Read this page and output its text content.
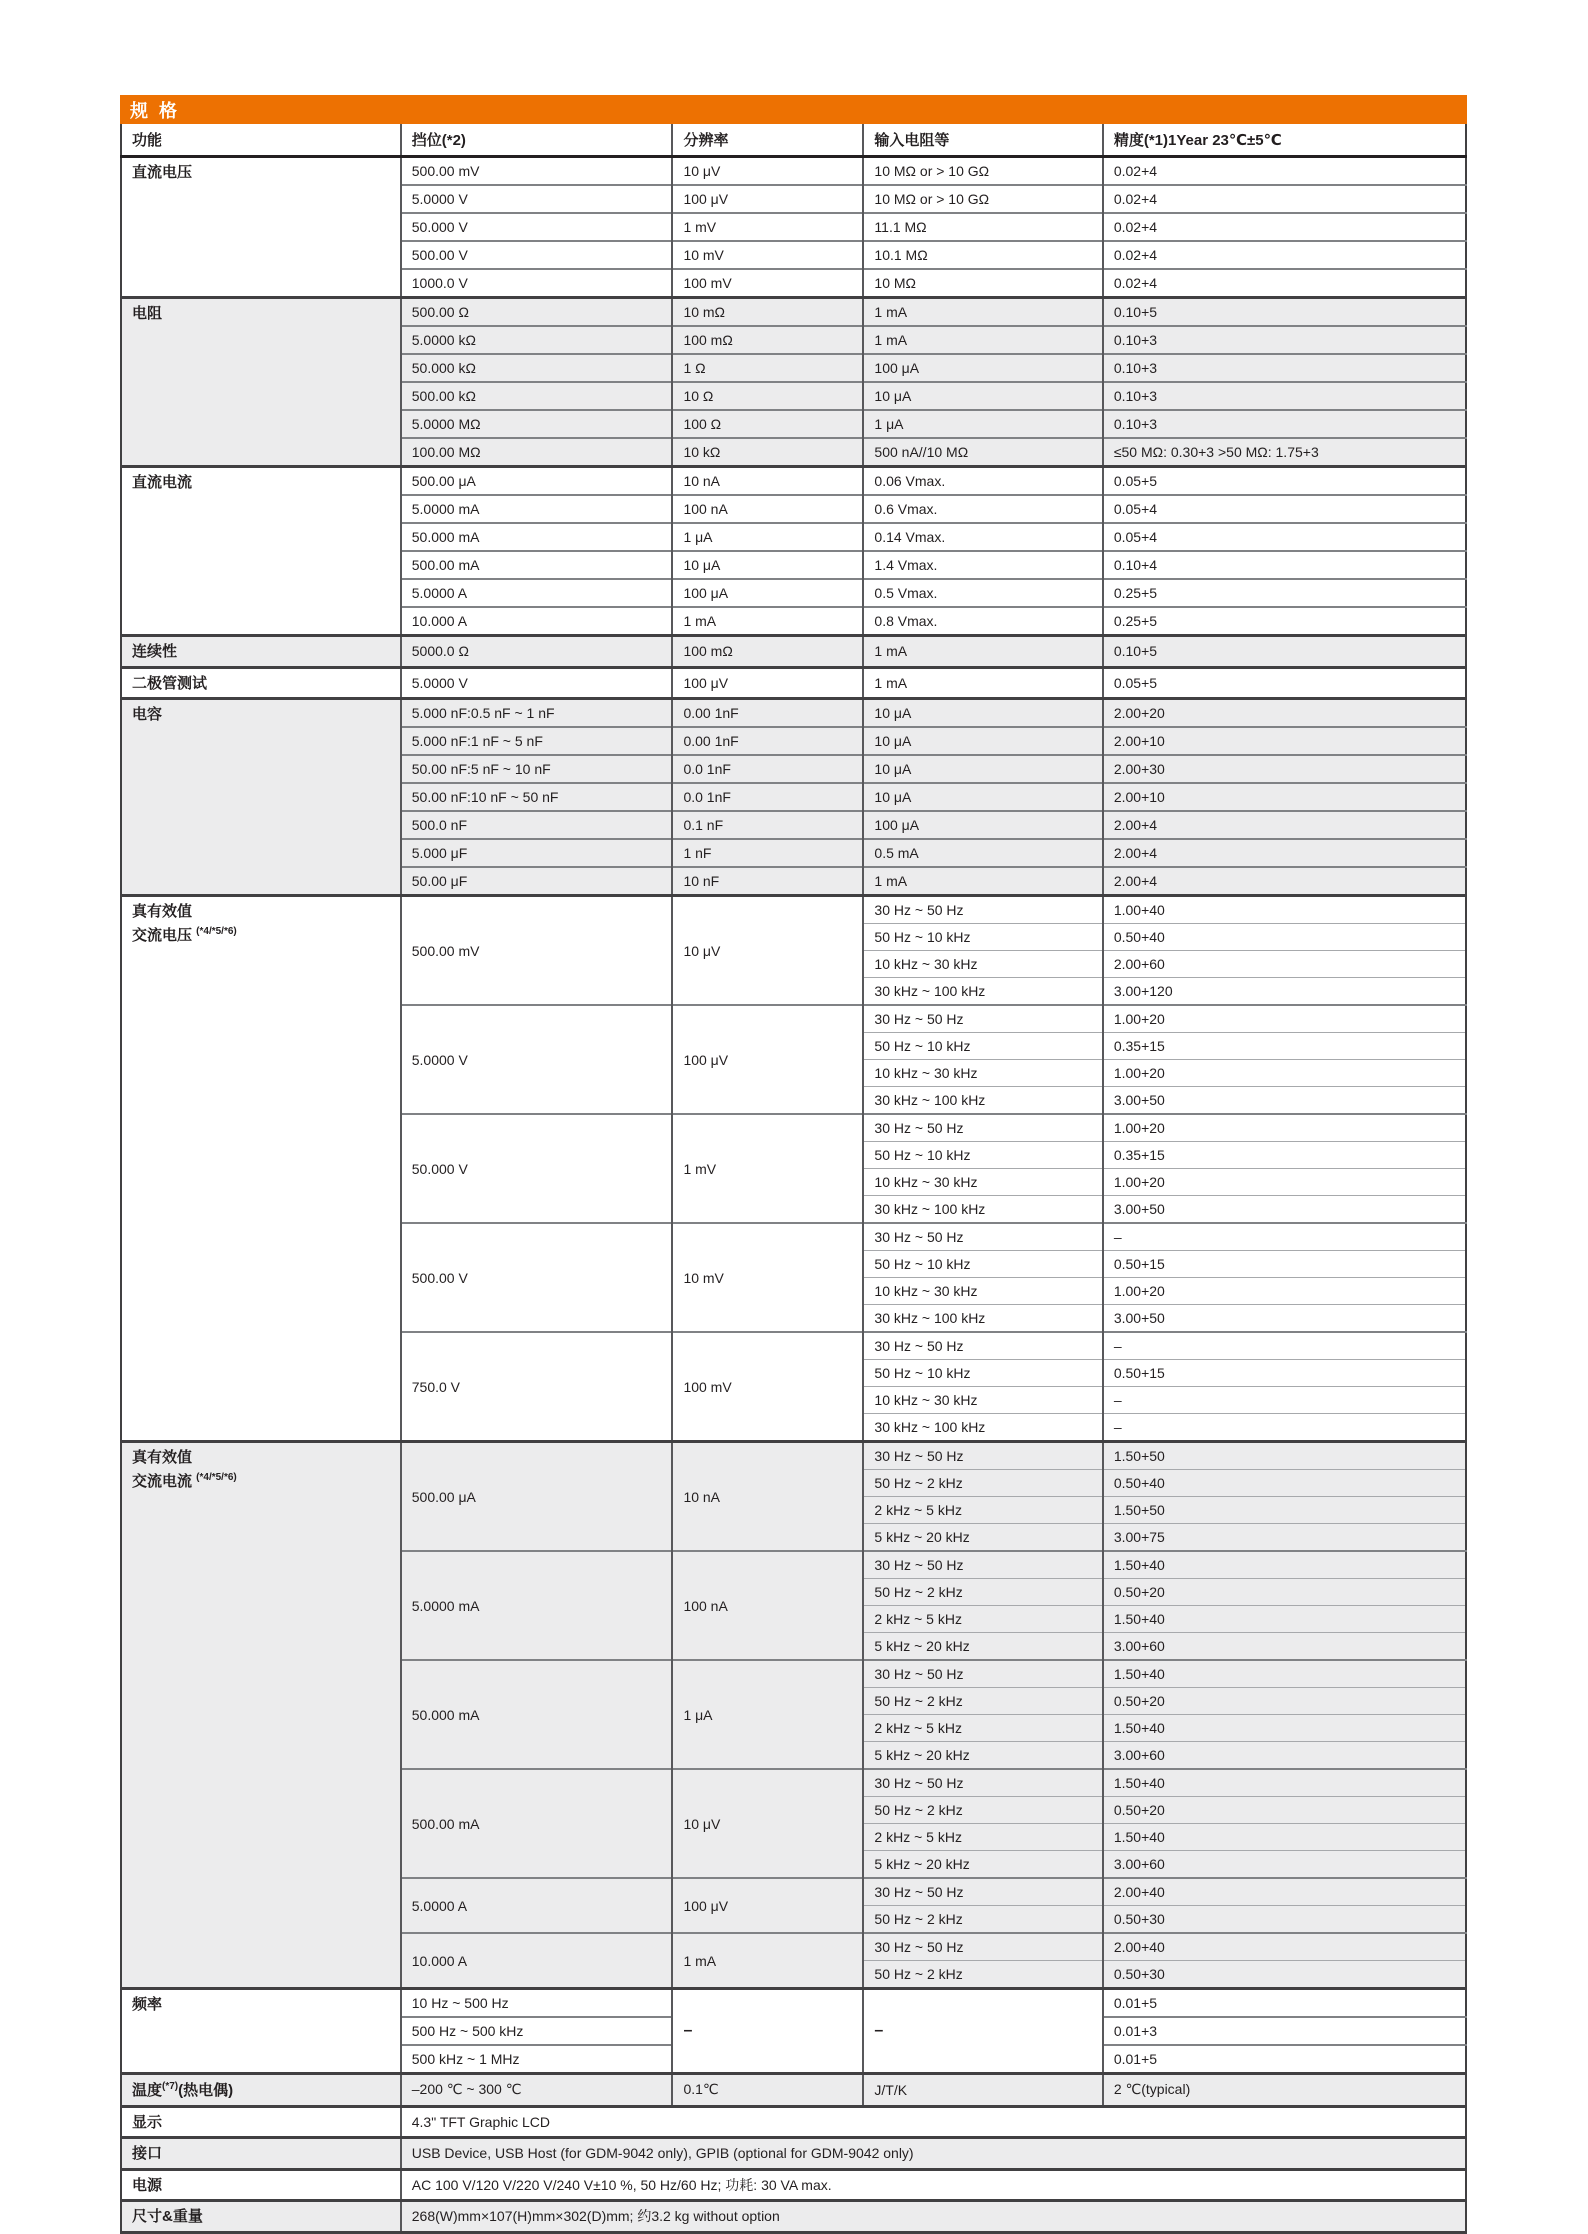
规 格
功能	挡位(*2)	分辨率	输入电阻等	精度(*1)1Year 23℃±5℃
直流电压	500.00 mV	10 μV	10 MΩ or > 10 GΩ	0.02+4
	5.0000 V	100 μV	10 MΩ or > 10 GΩ	0.02+4
	50.000 V	1 mV	11.1 MΩ	0.02+4
	500.00 V	10 mV	10.1 MΩ	0.02+4
	1000.0 V	100 mV	10 MΩ	0.02+4
电阻	500.00 Ω	10 mΩ	1 mA	0.10+5
	5.0000 kΩ	100 mΩ	1 mA	0.10+3
	50.000 kΩ	1 Ω	100 μA	0.10+3
	500.00 kΩ	10 Ω	10 μA	0.10+3
	5.0000 MΩ	100 Ω	1 μA	0.10+3
	100.00 MΩ	10 kΩ	500 nA//10 MΩ	≤50 MΩ: 0.30+3 >50 MΩ: 1.75+3
直流电流	500.00 μA	10 nA	0.06 Vmax.	0.05+5
	5.0000 mA	100 nA	0.6 Vmax.	0.05+4
	50.000 mA	1 μA	0.14 Vmax.	0.05+4
	500.00 mA	10 μA	1.4 Vmax.	0.10+4
	5.0000 A	100 μA	0.5 Vmax.	0.25+5
	10.000 A	1 mA	0.8 Vmax.	0.25+5
连续性	5000.0 Ω	100 mΩ	1 mA	0.10+5
二极管测试	5.0000 V	100 μV	1 mA	0.05+5
电容	5.000 nF:0.5 nF ~ 1 nF	0.00 1nF	10 μA	2.00+20
	5.000 nF:1 nF ~ 5 nF	0.00 1nF	10 μA	2.00+10
	50.00 nF:5 nF ~ 10 nF	0.0 1nF	10 μA	2.00+30
	50.00 nF:10 nF ~ 50 nF	0.0 1nF	10 μA	2.00+10
	500.0 nF	0.1 nF	100 μA	2.00+4
	5.000 μF	1 nF	0.5 mA	2.00+4
	50.00 μF	10 nF	1 mA	2.00+4
真有效值
交流电压 $^{(*4/*5/*6)}$	500.00 mV	10 μV	30 Hz ~ 50 Hz	1.00+40
			50 Hz ~ 10 kHz	0.50+40
			10 kHz ~ 30 kHz	2.00+60
			30 kHz ~ 100 kHz	3.00+120
	5.0000 V	100 μV	30 Hz ~ 50 Hz	1.00+20
			50 Hz ~ 10 kHz	0.35+15
			10 kHz ~ 30 kHz	1.00+20
			30 kHz ~ 100 kHz	3.00+50
	50.000 V	1 mV	30 Hz ~ 50 Hz	1.00+20
			50 Hz ~ 10 kHz	0.35+15
			10 kHz ~ 30 kHz	1.00+20
			30 kHz ~ 100 kHz	3.00+50
	500.00 V	10 mV	30 Hz ~ 50 Hz	–
			50 Hz ~ 10 kHz	0.50+15
			10 kHz ~ 30 kHz	1.00+20
			30 kHz ~ 100 kHz	3.00+50
	750.0 V	100 mV	30 Hz ~ 50 Hz	–
			50 Hz ~ 10 kHz	0.50+15
			10 kHz ~ 30 kHz	–
			30 kHz ~ 100 kHz	–
真有效值
交流电流 $^{(*4/*5/*6)}$	500.00 μA	10 nA	30 Hz ~ 50 Hz	1.50+50
			50 Hz ~ 2 kHz	0.50+40
			2 kHz ~ 5 kHz	1.50+50
			5 kHz ~ 20 kHz	3.00+75
	5.0000 mA	100 nA	30 Hz ~ 50 Hz	1.50+40
			50 Hz ~ 2 kHz	0.50+20
			2 kHz ~ 5 kHz	1.50+40
			5 kHz ~ 20 kHz	3.00+60
	50.000 mA	1 μA	30 Hz ~ 50 Hz	1.50+40
			50 Hz ~ 2 kHz	0.50+20
			2 kHz ~ 5 kHz	1.50+40
			5 kHz ~ 20 kHz	3.00+60
	500.00 mA	10 μV	30 Hz ~ 50 Hz	1.50+40
			50 Hz ~ 2 kHz	0.50+20
			2 kHz ~ 5 kHz	1.50+40
			5 kHz ~ 20 kHz	3.00+60
	5.0000 A	100 μV	30 Hz ~ 50 Hz	2.00+40
			50 Hz ~ 2 kHz	0.50+30
	10.000 A	1 mA	30 Hz ~ 50 Hz	2.00+40
			50 Hz ~ 2 kHz	0.50+30
频率	10 Hz ~ 500 Hz	–	–	0.01+5
	500 Hz ~ 500 kHz			0.01+3
	500 kHz ~ 1 MHz			0.01+5
温度$^{(*7)}$(热电偶)	–200 ℃ ~ 300 ℃	0.1℃	J/T/K	2 ℃(typical)
显示	4.3" TFT Graphic LCD			
接口	USB Device, USB Host (for GDM-9042 only), GPIB (optional for GDM-9042 only)			
电源	AC 100 V/120 V/220 V/240 V±10 %, 50 Hz/60 Hz; 功耗: 30 VA max.			
尺寸&重量	268(W)mm×107(H)mm×302(D)mm; 约3.2 kg without option			
